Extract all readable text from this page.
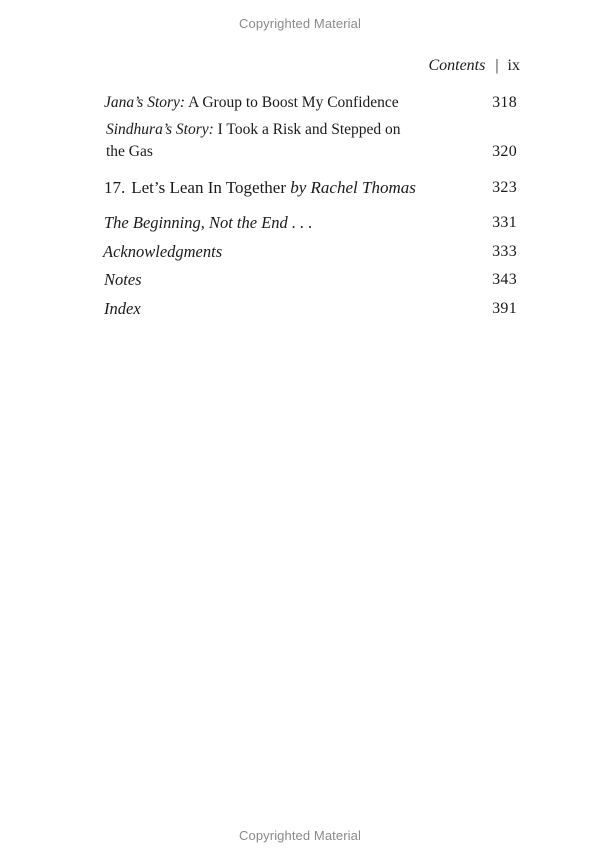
Copyrighted Material
Contents | ix
Jana’s Story: A Group to Boost My Confidence	318
Sindhura’s Story: I Took a Risk and Stepped on the Gas	320
17. Let’s Lean In Together by Rachel Thomas	323
The Beginning, Not the End . . .	331
Acknowledgments	333
Notes	343
Index	391
Copyrighted Material
